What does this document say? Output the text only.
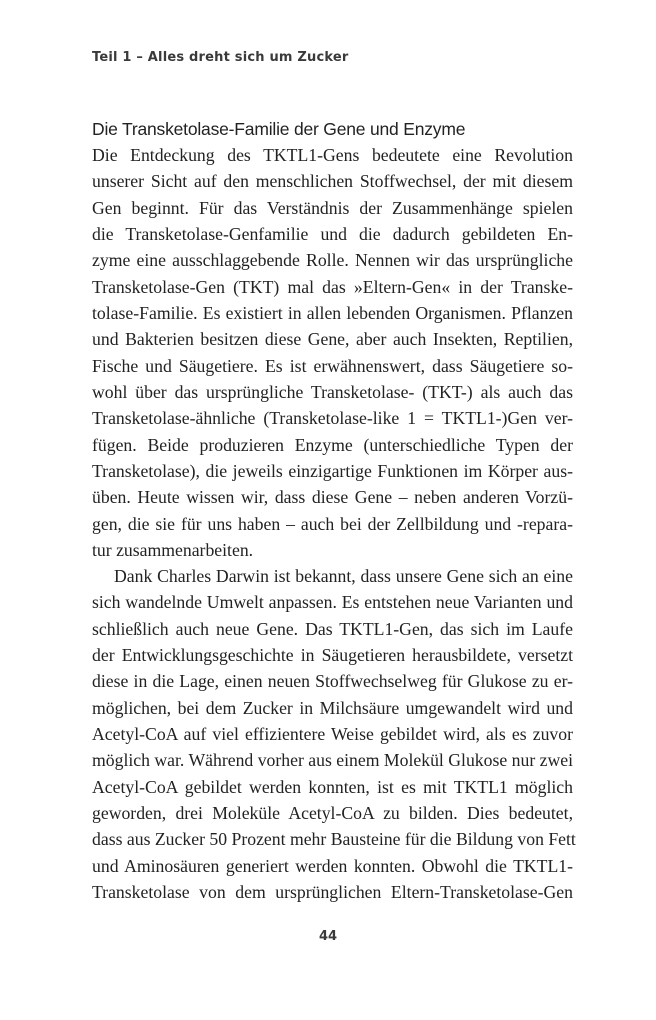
Teil 1 – Alles dreht sich um Zucker
Die Transketolase-Familie der Gene und Enzyme
Die Entdeckung des TKTL1-Gens bedeutete eine Revolution
unserer Sicht auf den menschlichen Stoffwechsel, der mit diesem
Gen beginnt. Für das Verständnis der Zusammenhänge spielen
die Transketolase-Genfamilie und die dadurch gebildeten En-
zyme eine ausschlaggebende Rolle. Nennen wir das ursprüngliche
Transketolase-Gen (TKT) mal das »Eltern-Gen« in der Transke-
tolase-Familie. Es existiert in allen lebenden Organismen. Pflanzen
und Bakterien besitzen diese Gene, aber auch Insekten, Reptilien,
Fische und Säugetiere. Es ist erwähnenswert, dass Säugetiere so-
wohl über das ursprüngliche Transketolase- (TKT-) als auch das
Transketolase-ähnliche (Transketolase-like 1 = TKTL1-)Gen ver-
fügen. Beide produzieren Enzyme (unterschiedliche Typen der
Transketolase), die jeweils einzigartige Funktionen im Körper aus-
üben. Heute wissen wir, dass diese Gene – neben anderen Vorzü-
gen, die sie für uns haben – auch bei der Zellbildung und -repara-
tur zusammenarbeiten.
Dank Charles Darwin ist bekannt, dass unsere Gene sich an eine
sich wandelnde Umwelt anpassen. Es entstehen neue Varianten und
schließlich auch neue Gene. Das TKTL1-Gen, das sich im Laufe
der Entwicklungsgeschichte in Säugetieren herausbildete, versetzt
diese in die Lage, einen neuen Stoffwechselweg für Glukose zu er-
möglichen, bei dem Zucker in Milchsäure umgewandelt wird und
Acetyl-CoA auf viel effizientere Weise gebildet wird, als es zuvor
möglich war. Während vorher aus einem Molekül Glukose nur zwei
Acetyl-CoA gebildet werden konnten, ist es mit TKTL1 möglich
geworden, drei Moleküle Acetyl-CoA zu bilden. Dies bedeutet,
dass aus Zucker 50 Prozent mehr Bausteine für die Bildung von Fett
und Aminosäuren generiert werden konnten. Obwohl die TKTL1-
Transketolase von dem ursprünglichen Eltern-Transketolase-Gen
44
